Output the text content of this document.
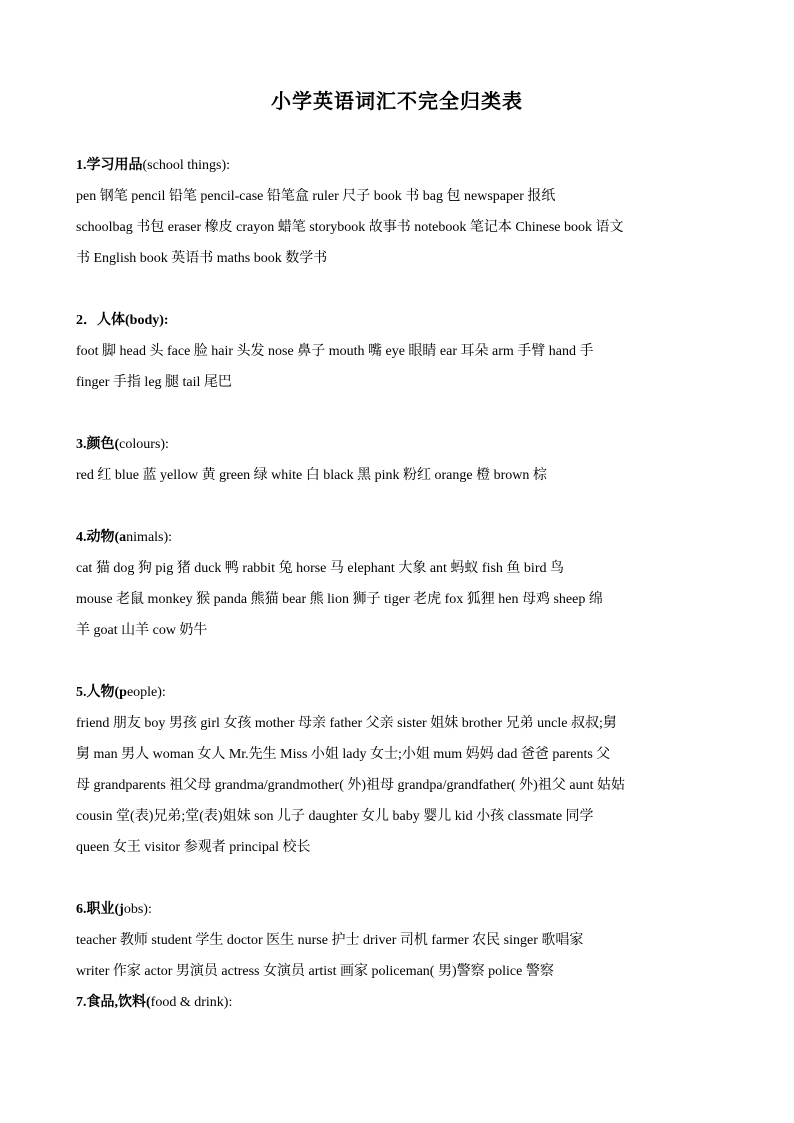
小学英语词汇不完全归类表
1.学习用品(school things):
pen 钢笔 pencil 铅笔 pencil-case 铅笔盒 ruler 尺子 book 书 bag 包 newspaper 报纸
schoolbag 书包 eraser 橡皮 crayon 蜡笔 storybook 故事书 notebook 笔记本 Chinese book 语文
书 English book 英语书 maths book 数学书
2．人体(body):
foot 脚 head 头 face 脸 hair 头发 nose 鼻子 mouth 嘴 eye 眼睛 ear 耳朵 arm 手臂 hand 手
finger 手指 leg 腿 tail 尾巴
3.颜色(colours):
red 红 blue 蓝 yellow 黄 green 绿 white 白 black 黑 pink 粉红 orange 橙 brown 棕
4.动物(animals):
cat 猫 dog 狗 pig 猪 duck 鸭 rabbit 兔 horse 马 elephant 大象 ant 蚂蚁 fish 鱼 bird 鸟
mouse 老鼠 monkey 猴 panda 熊猫 bear 熊 lion 狮子 tiger 老虎 fox 狐狸 hen 母鸡 sheep 绵
羊 goat 山羊 cow 奶牛
5.人物(people):
friend 朋友 boy 男孩 girl 女孩 mother 母亲 father 父亲 sister 姐妹 brother 兄弟 uncle 叔叔;舅
舅 man 男人 woman 女人 Mr.先生 Miss 小姐 lady 女士;小姐 mum 妈妈 dad 爸爸 parents 父
母 grandparents 祖父母 grandma/grandmother( 外)祖母 grandpa/grandfather( 外)祖父 aunt 姑姑
cousin 堂(表)兄弟;堂(表)姐妹 son 儿子 daughter 女儿 baby 婴儿 kid 小孩 classmate 同学
queen 女王 visitor 参观者 principal 校长
6.职业(jobs):
teacher 教师 student 学生 doctor 医生 nurse 护士 driver 司机 farmer 农民 singer 歌唱家
writer 作家 actor 男演员 actress 女演员 artist 画家 policeman( 男)警察 police 警察
7.食品,饮料(food & drink):
